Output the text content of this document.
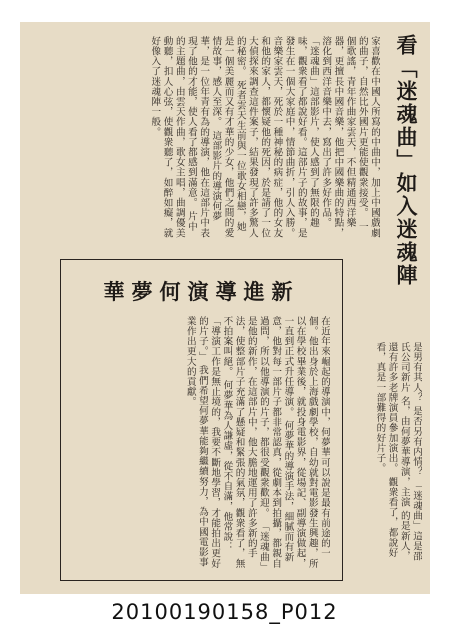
看「迷魂曲」如入迷魂陣
家喜歡在中國人所寫的中曲中，加上中國戲劇的曲子，自然比外國片更能使觀衆接受。 一個歌謠，青年作曲家雲天，不但精通西洋樂器，更擅長中國音樂，他把中國樂曲的特點，溶化到西洋音樂中去，寫出了許多好作品。 「迷魂曲」這部影片，使人感到了無限的趣味，觀衆看了都說好看。這部片子的故事，是發生在一個大家庭中，情節曲折，引人入勝。 音樂家雲天，死於一種神秘的病症，他的女友和他的家人，都懷疑他的死因，於是請了一位大偵探來調查這件案子，結果發現了許多驚人的秘密。 死者雲天生前與一位歌女相戀，她是一個美麗而又有才華的少女，他們之間的愛情故事，感人至深。 這部影片的導演何夢華，是一位年青有為的導演，他在這部片中表現了他的才能，使人看了都感到滿意。 片中的主題曲，由雲天作曲，歌女主唱，曲調優美動聽，扣人心弦，使觀衆聽了，如醉如癡，就好像入了迷魂陣一般。
是男有其人？ 是否另有内情？ 「迷魂曲」這是邵氏公司新片 名，由何夢華導演，主演 的是新人，還有許多老牌演員參加演出。 觀衆看了，都說好看，真是一部難得的好片子。
華夢何演導進新
在近年來崛起的導演中，何夢華可以說是最有前途的一個。他出身於上海戲劇學校，自幼就對電影發生興趣，所以在學校畢業後，就投身電影界，從場記、副導演做起，一直到正式升任導演。 何夢華的導演手法，細膩而有新意，他對每一部片子都非常認真，從劇本到拍攝，都親自過問，所以他導演的片子，都很受觀衆歡迎。 「迷魂曲」是他的新作，在這部片中，他大膽地運用了許多新的手法，使整部片子充滿了懸疑和緊張的氣氛，觀衆看了，無不拍案叫絕。 何夢華為人謙虛，從不自滿，他常說：「導演工作是無止境的，我要不斷地學習，才能拍出更好的片子。」 我們希望何夢華能夠繼續努力，為中國電影事業作出更大的貢獻。
20100190158_P012
